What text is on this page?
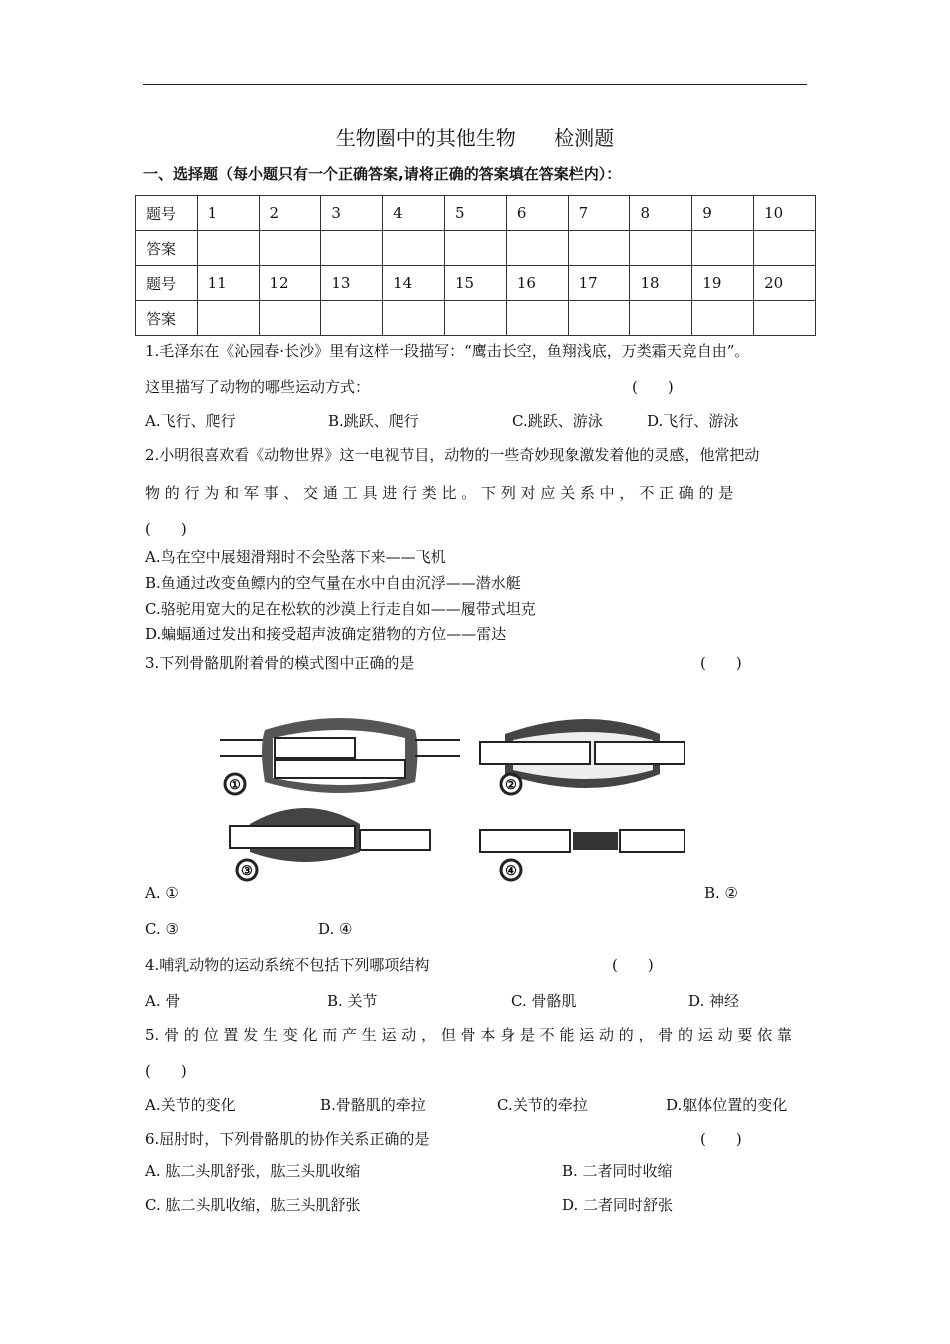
生物圈中的其他生物 检测题
一、选择题（每小题只有一个正确答案,请将正确的答案填在答案栏内）：
题号	1	2	3	4	5	6	7	8	9	10
答案										
题号	11	12	13	14	15	16	17	18	19	20
答案										
1.毛泽东在《沁园春·长沙》里有这样一段描写：“鹰击长空，鱼翔浅底，万类霜天竞自由”。
这里描写了动物的哪些运动方式：	(　　)
A.飞行、爬行	B.跳跃、爬行	C.跳跃、游泳	D.飞行、游泳
2.小明很喜欢看《动物世界》这一电视节目，动物的一些奇妙现象激发着他的灵感，他常把动
物 的 行 为 和 军 事 、 交 通 工 具 进 行 类 比 。 下 列 对 应 关 系 中 ， 不 正 确 的 是
(　　)
A.鸟在空中展翅滑翔时不会坠落下来——飞机
B.鱼通过改变鱼鳔内的空气量在水中自由沉浮——潜水艇
C.骆驼用宽大的足在松软的沙漠上行走自如——履带式坦克
D.蝙蝠通过发出和接受超声波确定猎物的方位——雷达
3.下列骨骼肌附着骨的模式图中正确的是	(　　)
①	②
③	④
A. ①	B. ②
C. ③	D. ④
4.哺乳动物的运动系统不包括下列哪项结构	(　　)
A. 骨	B. 关节	C. 骨骼肌	D. 神经
5. 骨 的 位 置 发 生 变 化 而 产 生 运 动 ， 但 骨 本 身 是 不 能 运 动 的 ， 骨 的 运 动 要 依 靠
(　　)
A.关节的变化	B.骨骼肌的牵拉	C.关节的牵拉	D.躯体位置的变化
6.屈肘时，下列骨骼肌的协作关系正确的是	(　　)
A. 肱二头肌舒张，肱三头肌收缩	B. 二者同时收缩
C. 肱二头肌收缩，肱三头肌舒张	D. 二者同时舒张
